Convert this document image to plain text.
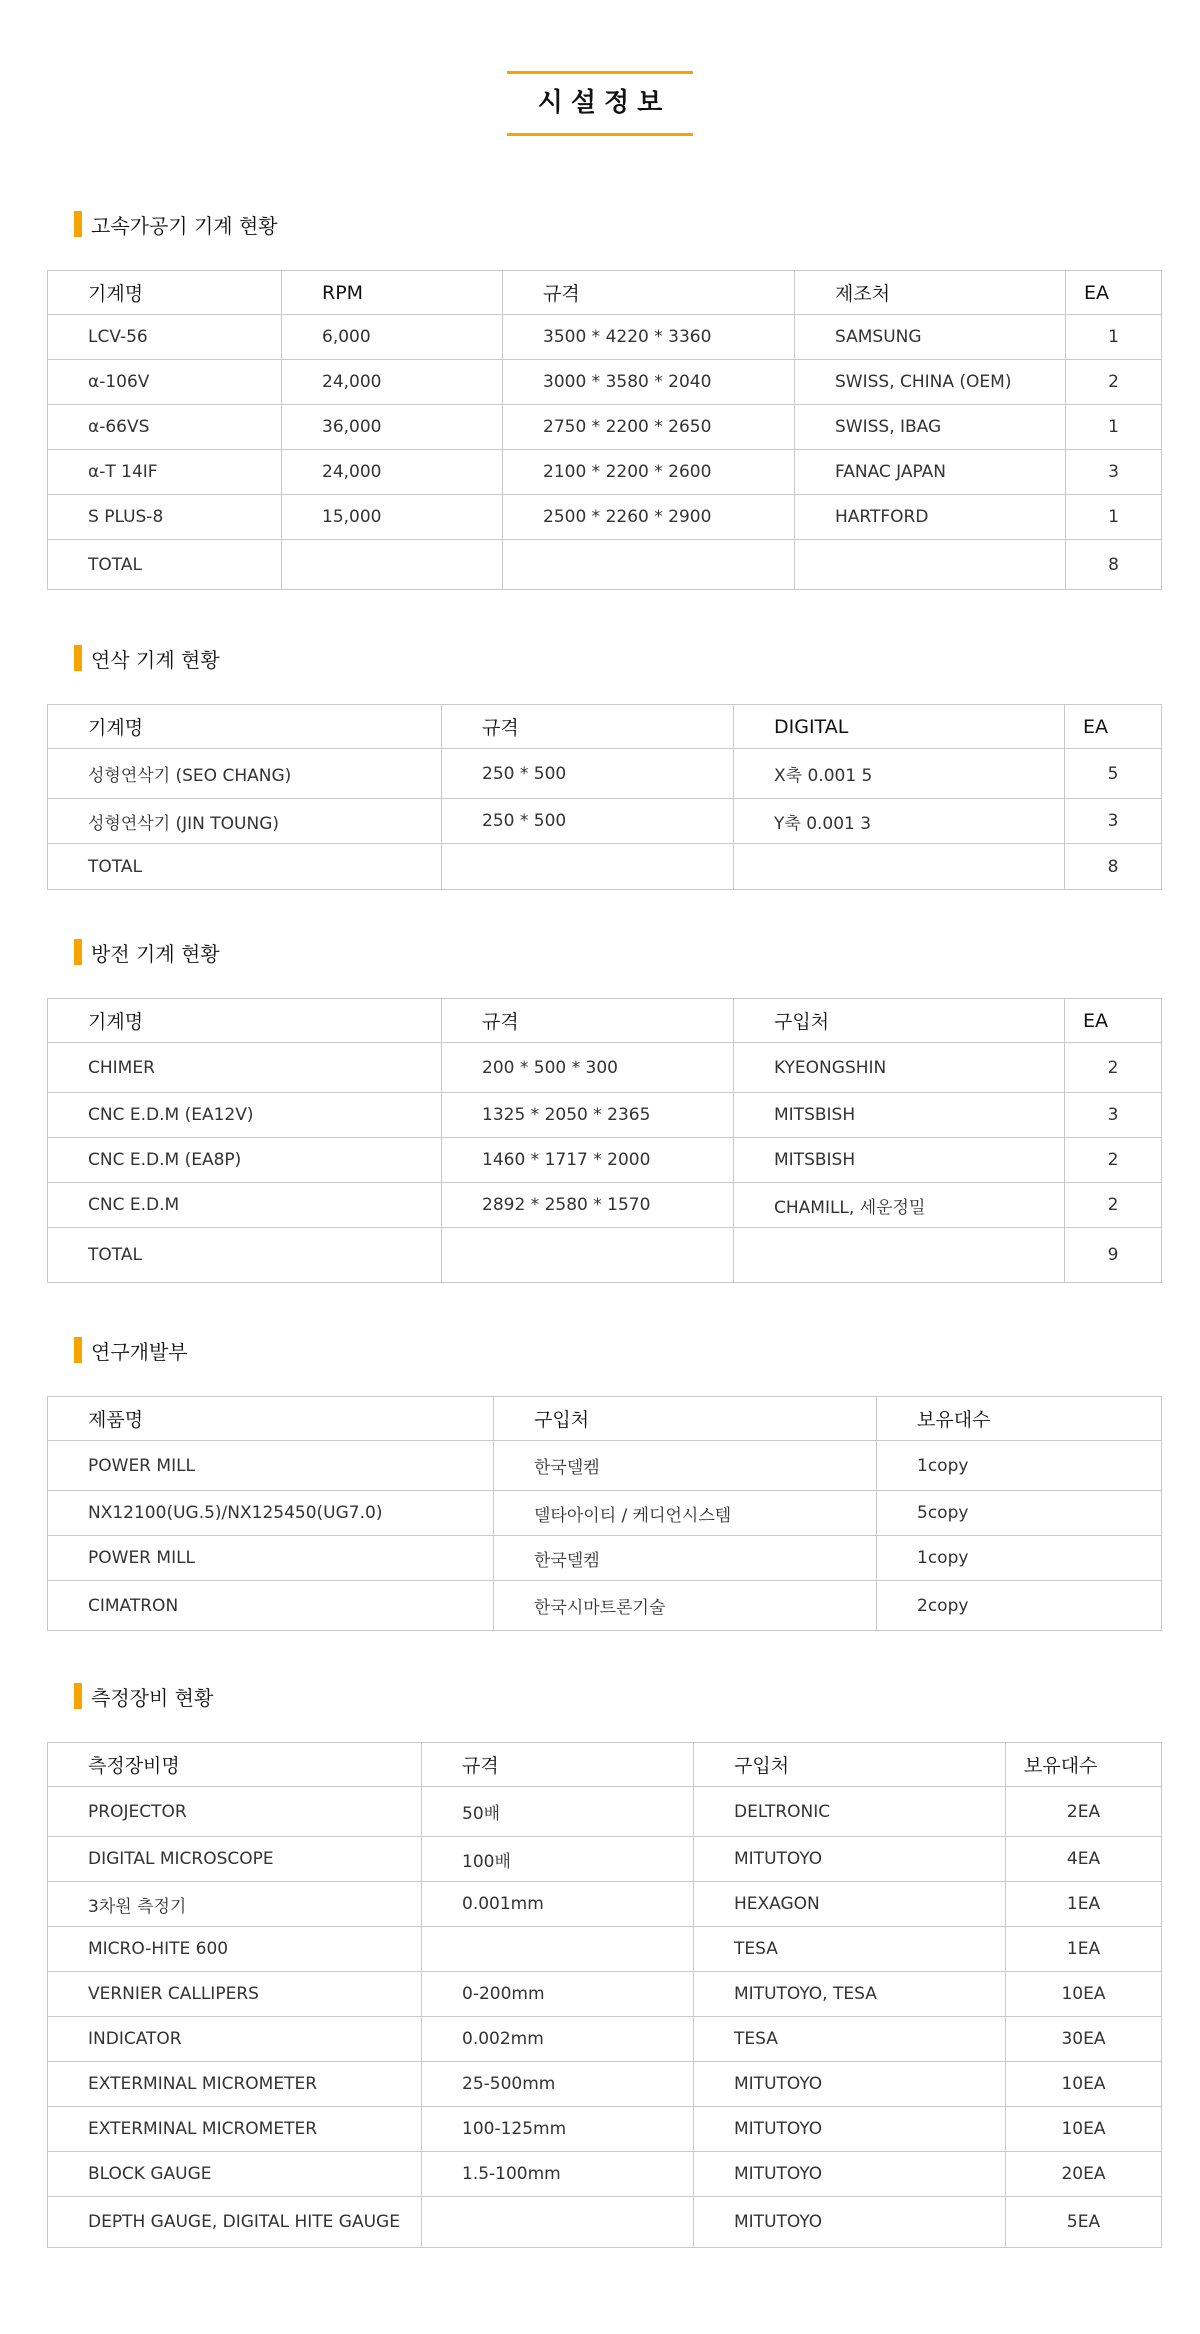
시설정보
고속가공기 기계 현황
기계명	RPM	규격	제조처	EA
LCV-56	6,000	3500 * 4220 * 3360	SAMSUNG	1
α-106V	24,000	3000 * 3580 * 2040	SWISS, CHINA (OEM)	2
α-66VS	36,000	2750 * 2200 * 2650	SWISS, IBAG	1
α-T 14IF	24,000	2100 * 2200 * 2600	FANAC JAPAN	3
S PLUS-8	15,000	2500 * 2260 * 2900	HARTFORD	1
TOTAL				8
연삭 기계 현황
기계명	규격	DIGITAL	EA
성형연삭기 (SEO CHANG)	250 * 500	X축 0.001 5	5
성형연삭기 (JIN TOUNG)	250 * 500	Y축 0.001 3	3
TOTAL			8
방전 기계 현황
기계명	규격	구입처	EA
CHIMER	200 * 500 * 300	KYEONGSHIN	2
CNC E.D.M (EA12V)	1325 * 2050 * 2365	MITSBISH	3
CNC E.D.M (EA8P)	1460 * 1717 * 2000	MITSBISH	2
CNC E.D.M	2892 * 2580 * 1570	CHAMILL, 세운정밀	2
TOTAL			9
연구개발부
제품명	구입처	보유대수
POWER MILL	한국델켐	1copy
NX12100(UG.5)/NX125450(UG7.0)	델타아이티 / 케디언시스템	5copy
POWER MILL	한국델켐	1copy
CIMATRON	한국시마트론기술	2copy
측정장비 현황
측정장비명	규격	구입처	보유대수
PROJECTOR	50배	DELTRONIC	2EA
DIGITAL MICROSCOPE	100배	MITUTOYO	4EA
3차원 측정기	0.001mm	HEXAGON	1EA
MICRO-HITE 600		TESA	1EA
VERNIER CALLIPERS	0-200mm	MITUTOYO, TESA	10EA
INDICATOR	0.002mm	TESA	30EA
EXTERMINAL MICROMETER	25-500mm	MITUTOYO	10EA
EXTERMINAL MICROMETER	100-125mm	MITUTOYO	10EA
BLOCK GAUGE	1.5-100mm	MITUTOYO	20EA
DEPTH GAUGE, DIGITAL HITE GAUGE		MITUTOYO	5EA
